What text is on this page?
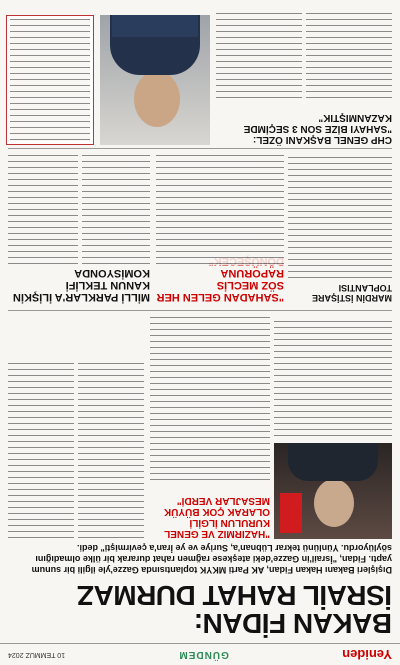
Yeniden
GÜNDEM
10 TEMMUZ 2024
BAKAN FİDAN:
İSRAİL RAHAT DURMAZ
Dışişleri Bakanı Hakan Fidan, AK Parti MKYK toplantısında Gazze'yle ilgili bir sunum yaptı. Fidan, "İsrail'in Gazze'deki ateşkese rağmen rahat durarak bir ülke olmadığını söylüyordu. Yünlünü tekrar Lübnan'a, Suriye ve ye İran'a çevirmişti" dedi.
"HAZIRMIZ VE GENEL KURULUN İLGİLİ OLARAK ÇOK BÜYÜK MESAJLAR VERDİ"
MİLLİ PARKLAR'A İLİŞKİN KANUN TEKLİFİ KOMİSYONDA
"SAHADAN GELEN HER SÖZ MECLİS RAPORUNA
MARDİN İSTİŞARE TOPLANTISI
CHP GENEL BAŞKANI ÖZEL: "SAHAYI BİZE SON 3 SEÇİMDE KAZANMIŞTIK"
